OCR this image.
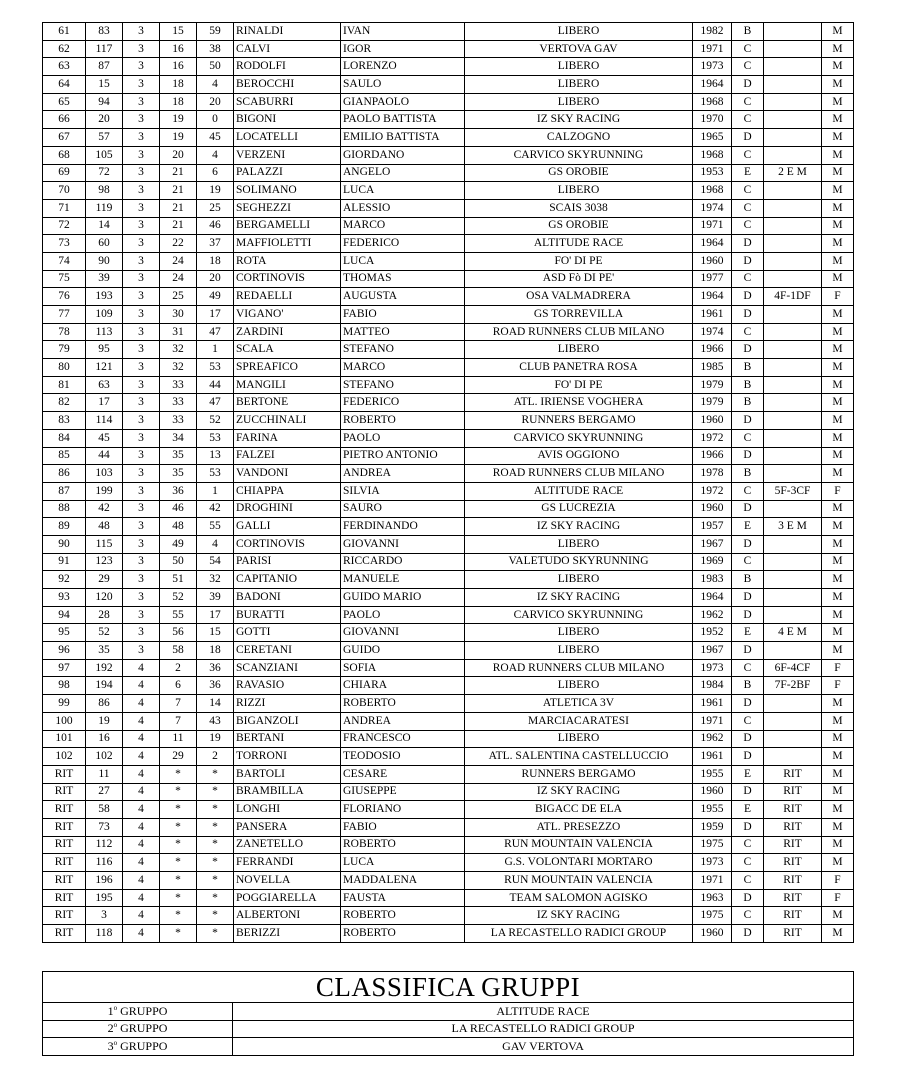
61	83	3	15	59	RINALDI	IVAN	LIBERO	1982	B		M
62	117	3	16	38	CALVI	IGOR	VERTOVA GAV	1971	C		M
63	87	3	16	50	RODOLFI	LORENZO	LIBERO	1973	C		M
64	15	3	18	4	BEROCCHI	SAULO	LIBERO	1964	D		M
65	94	3	18	20	SCABURRI	GIANPAOLO	LIBERO	1968	C		M
66	20	3	19	0	BIGONI	PAOLO BATTISTA	IZ SKY RACING	1970	C		M
67	57	3	19	45	LOCATELLI	EMILIO BATTISTA	CALZOGNO	1965	D		M
68	105	3	20	4	VERZENI	GIORDANO	CARVICO SKYRUNNING	1968	C		M
69	72	3	21	6	PALAZZI	ANGELO	GS OROBIE	1953	E	2 E M	M
70	98	3	21	19	SOLIMANO	LUCA	LIBERO	1968	C		M
71	119	3	21	25	SEGHEZZI	ALESSIO	SCAIS 3038	1974	C		M
72	14	3	21	46	BERGAMELLI	MARCO	GS OROBIE	1971	C		M
73	60	3	22	37	MAFFIOLETTI	FEDERICO	ALTITUDE RACE	1964	D		M
74	90	3	24	18	ROTA	LUCA	FO' DI PE	1960	D		M
75	39	3	24	20	CORTINOVIS	THOMAS	ASD Fò DI PE'	1977	C		M
76	193	3	25	49	REDAELLI	AUGUSTA	OSA VALMADRERA	1964	D	4F-1DF	F
77	109	3	30	17	VIGANO'	FABIO	GS TORREVILLA	1961	D		M
78	113	3	31	47	ZARDINI	MATTEO	ROAD RUNNERS CLUB MILANO	1974	C		M
79	95	3	32	1	SCALA	STEFANO	LIBERO	1966	D		M
80	121	3	32	53	SPREAFICO	MARCO	CLUB PANETRA ROSA	1985	B		M
81	63	3	33	44	MANGILI	STEFANO	FO' DI PE	1979	B		M
82	17	3	33	47	BERTONE	FEDERICO	ATL. IRIENSE VOGHERA	1979	B		M
83	114	3	33	52	ZUCCHINALI	ROBERTO	RUNNERS BERGAMO	1960	D		M
84	45	3	34	53	FARINA	PAOLO	CARVICO SKYRUNNING	1972	C		M
85	44	3	35	13	FALZEI	PIETRO ANTONIO	AVIS OGGIONO	1966	D		M
86	103	3	35	53	VANDONI	ANDREA	ROAD RUNNERS CLUB MILANO	1978	B		M
87	199	3	36	1	CHIAPPA	SILVIA	ALTITUDE RACE	1972	C	5F-3CF	F
88	42	3	46	42	DROGHINI	SAURO	GS LUCREZIA	1960	D		M
89	48	3	48	55	GALLI	FERDINANDO	IZ SKY RACING	1957	E	3 E M	M
90	115	3	49	4	CORTINOVIS	GIOVANNI	LIBERO	1967	D		M
91	123	3	50	54	PARISI	RICCARDO	VALETUDO SKYRUNNING	1969	C		M
92	29	3	51	32	CAPITANIO	MANUELE	LIBERO	1983	B		M
93	120	3	52	39	BADONI	GUIDO MARIO	IZ SKY RACING	1964	D		M
94	28	3	55	17	BURATTI	PAOLO	CARVICO SKYRUNNING	1962	D		M
95	52	3	56	15	GOTTI	GIOVANNI	LIBERO	1952	E	4 E M	M
96	35	3	58	18	CERETANI	GUIDO	LIBERO	1967	D		M
97	192	4	2	36	SCANZIANI	SOFIA	ROAD RUNNERS CLUB MILANO	1973	C	6F-4CF	F
98	194	4	6	36	RAVASIO	CHIARA	LIBERO	1984	B	7F-2BF	F
99	86	4	7	14	RIZZI	ROBERTO	ATLETICA 3V	1961	D		M
100	19	4	7	43	BIGANZOLI	ANDREA	MARCIACARATESI	1971	C		M
101	16	4	11	19	BERTANI	FRANCESCO	LIBERO	1962	D		M
102	102	4	29	2	TORRONI	TEODOSIO	ATL. SALENTINA CASTELLUCCIO	1961	D		M
RIT	11	4	*	*	BARTOLI	CESARE	RUNNERS BERGAMO	1955	E	RIT	M
RIT	27	4	*	*	BRAMBILLA	GIUSEPPE	IZ SKY RACING	1960	D	RIT	M
RIT	58	4	*	*	LONGHI	FLORIANO	BIGACC DE ELA	1955	E	RIT	M
RIT	73	4	*	*	PANSERA	FABIO	ATL. PRESEZZO	1959	D	RIT	M
RIT	112	4	*	*	ZANETELLO	ROBERTO	RUN MOUNTAIN VALENCIA	1975	C	RIT	M
RIT	116	4	*	*	FERRANDI	LUCA	G.S. VOLONTARI MORTARO	1973	C	RIT	M
RIT	196	4	*	*	NOVELLA	MADDALENA	RUN MOUNTAIN VALENCIA	1971	C	RIT	F
RIT	195	4	*	*	POGGIARELLA	FAUSTA	TEAM SALOMON AGISKO	1963	D	RIT	F
RIT	3	4	*	*	ALBERTONI	ROBERTO	IZ SKY RACING	1975	C	RIT	M
RIT	118	4	*	*	BERIZZI	ROBERTO	LA RECASTELLO RADICI GROUP	1960	D	RIT	M
CLASSIFICA GRUPPI	
1$^o$ GRUPPO	ALTITUDE RACE
2$^o$ GRUPPO	LA RECASTELLO RADICI GROUP
3$^o$ GRUPPO	GAV VERTOVA
